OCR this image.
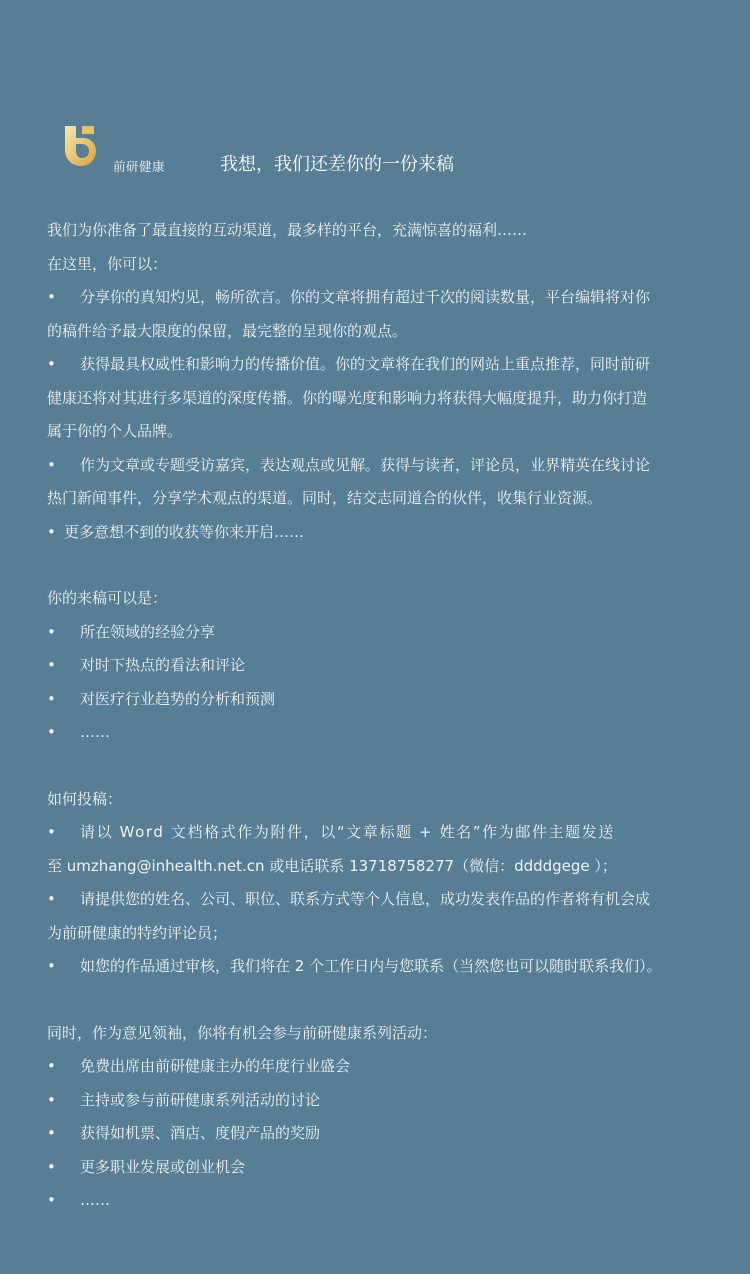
前研健康	我想，我们还差你的一份来稿
我们为你准备了最直接的互动渠道，最多样的平台，充满惊喜的福利……
在这里，你可以：
• 分享你的真知灼见，畅所欲言。你的文章将拥有超过千次的阅读数量，平台编辑将对你
的稿件给予最大限度的保留，最完整的呈现你的观点。
• 获得最具权威性和影响力的传播价值。你的文章将在我们的网站上重点推荐，同时前研
健康还将对其进行多渠道的深度传播。你的曝光度和影响力将获得大幅度提升，助力你打造
属于你的个人品牌。
• 作为文章或专题受访嘉宾，表达观点或见解。获得与读者，评论员，业界精英在线讨论
热门新闻事件，分享学术观点的渠道。同时，结交志同道合的伙伴，收集行业资源。
• 更多意想不到的收获等你来开启……
你的来稿可以是：
• 所在领域的经验分享
• 对时下热点的看法和评论
• 对医疗行业趋势的分析和预测
• ……
如何投稿：
• 请以 Word 文档格式作为附件，以“文章标题 + 姓名”作为邮件主题发送
至 umzhang@inhealth.net.cn 或电话联系 13718758277（微信：ddddgege ）；
• 请提供您的姓名、公司、职位、联系方式等个人信息，成功发表作品的作者将有机会成
为前研健康的特约评论员；
• 如您的作品通过审核，我们将在 2 个工作日内与您联系（当然您也可以随时联系我们）。
同时，作为意见领袖，你将有机会参与前研健康系列活动：
• 免费出席由前研健康主办的年度行业盛会
• 主持或参与前研健康系列活动的讨论
• 获得如机票、酒店、度假产品的奖励
• 更多职业发展或创业机会
• ……
